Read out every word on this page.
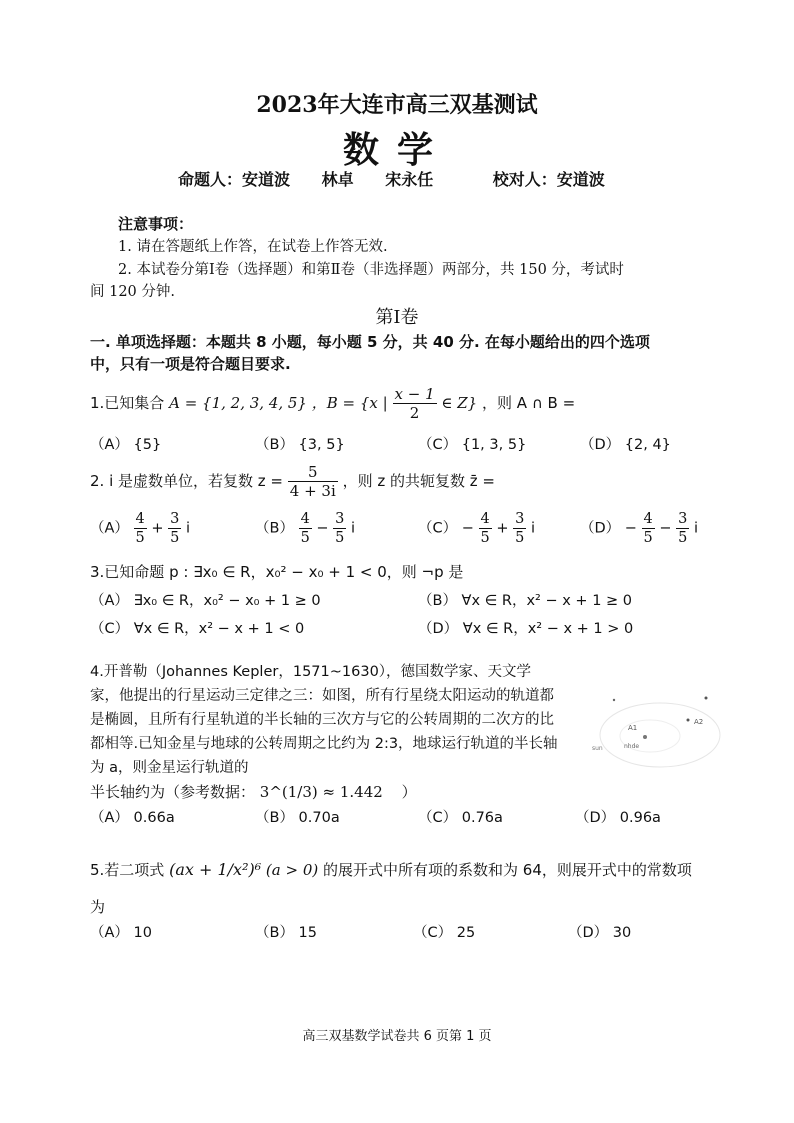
2023年大连市高三双基测试
数学
命题人：安道波 林卓 宋永任	校对人：安道波
注意事项：
1. 请在答题纸上作答，在试卷上作答无效.
2. 本试卷分第Ⅰ卷（选择题）和第Ⅱ卷（非选择题）两部分，共 150 分，考试时
间 120 分钟.
第Ⅰ卷
一. 单项选择题：本题共 8 小题，每小题 5 分，共 40 分. 在每小题给出的四个选项
中，只有一项是符合题目要求.
1.已知集合 A = {1, 2, 3, 4, 5} ，B = {x | $\frac{x - 1}{2}$ ∈ Z} ，则 A ∩ B =
（A） {5}	（B） {3, 5}	（C） {1, 3, 5}	（D） {2, 4}
2. i 是虚数单位，若复数 $z = \frac{5}{4 + 3i}$ ，则 z 的共轭复数 z̄ =
$(A) \frac{4}{5} + \frac{3}{5}$ i	$(B) \frac{4}{5} - \frac{3}{5}$ i	$(C) - \frac{4}{5} + \frac{3}{5}$ i	$(D) - \frac{4}{5} - \frac{3}{5}$ i
3.已知命题 p : ∃x₀ ∈ R，x₀² − x₀ + 1 < 0，则 ¬p 是
（A） ∃x₀ ∈ R，x₀² − x₀ + 1 ≥ 0	（B） ∀x ∈ R，x² − x + 1 ≥ 0
（C） ∀x ∈ R，x² − x + 1 < 0	（D） ∀x ∈ R，x² − x + 1 > 0
4.开普勒（Johannes Kepler，1571~1630），德国数学家、天文学家，他提出的行星运动三定律之三：如图，所有行星绕太阳运动的轨道都是椭圆，且所有行星轨道的半长轴的三次方与它的公转周期的二次方的比都相等.已知金星与地球的公转周期之比约为 2:3，地球运行轨道的半长轴为 a，则金星运行轨道的
半长轴约为（参考数据： 3^(1/3) ≈ 1.442 ）
（A） 0.66a	（B） 0.70a	（C） 0.76a	（D） 0.96a
A1
A2
nhde
sun
5.若二项式 (ax + 1/x²)⁶ (a > 0) 的展开式中所有项的系数和为 64，则展开式中的常数项
为
（A） 10	（B） 15	（C） 25	（D） 30
高三双基数学试卷共 6 页第 1 页
